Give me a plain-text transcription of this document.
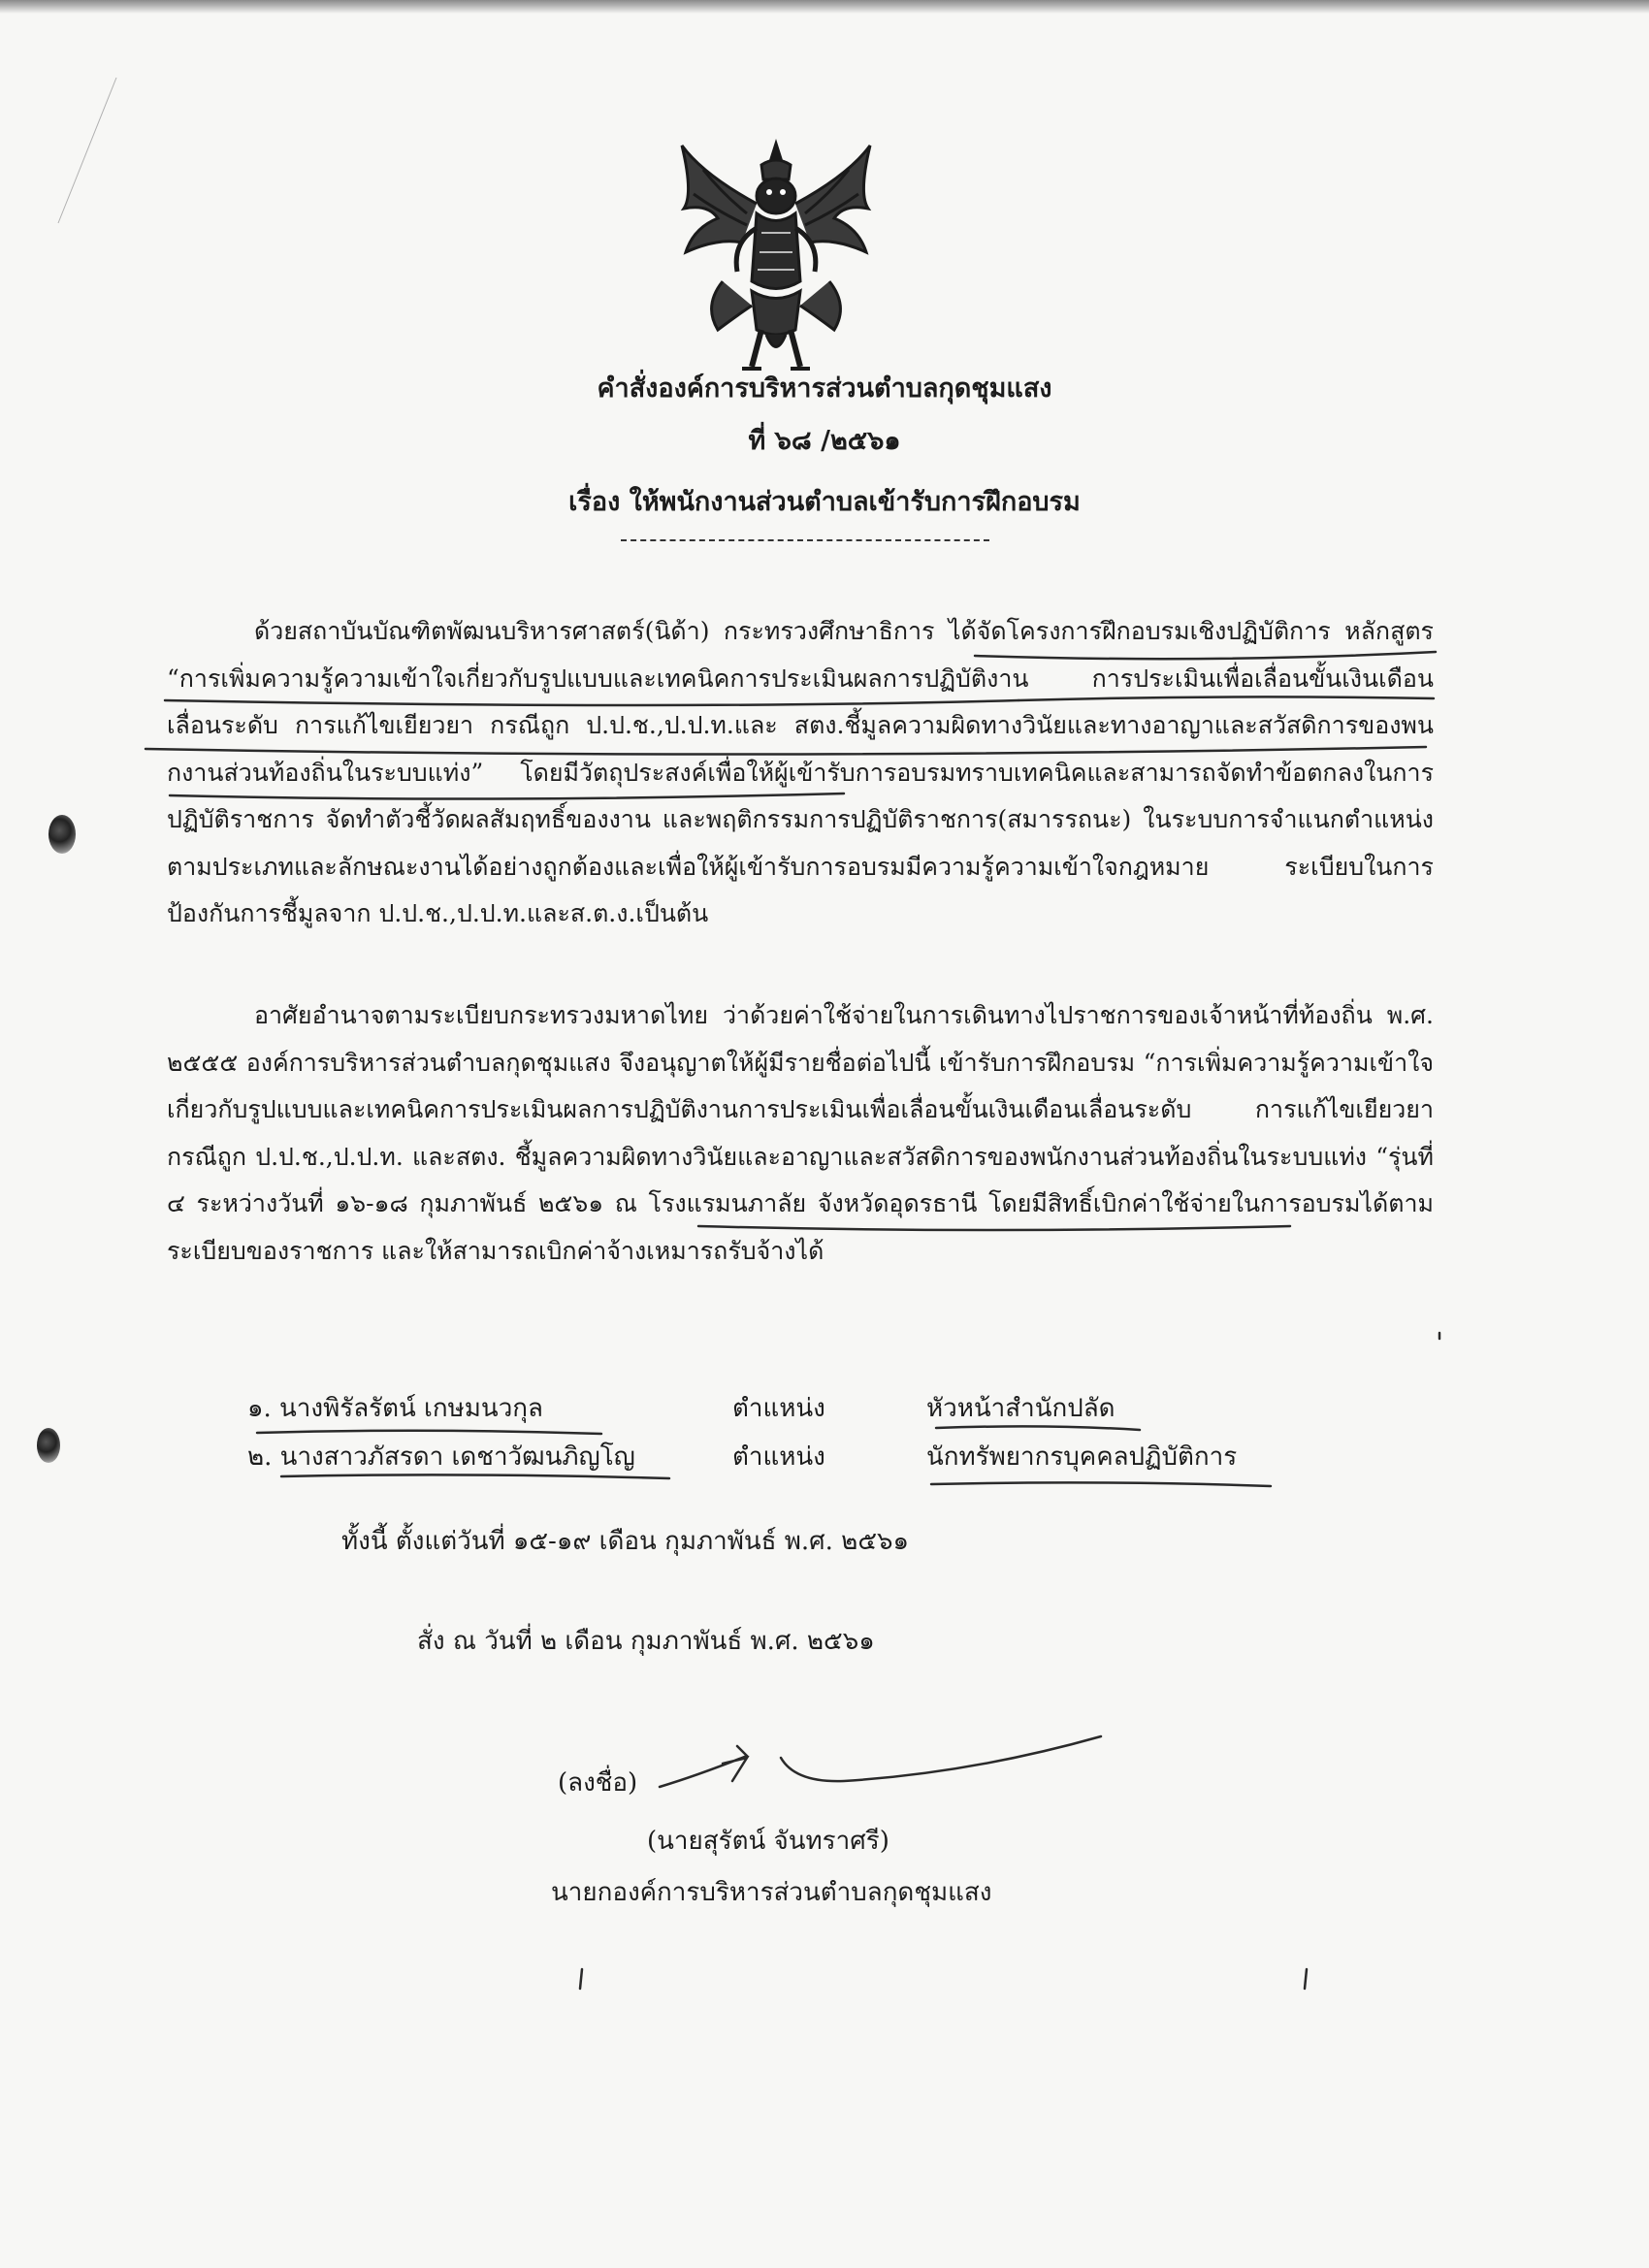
คำสั่งองค์การบริหารส่วนตำบลกุดชุมแสง
ที่ ๖๘ /๒๕๖๑
เรื่อง ให้พนักงานส่วนตำบลเข้ารับการฝึกอบรม
ด้วยสถาบันบัณฑิตพัฒนบริหารศาสตร์(นิด้า) กระทรวงศึกษาธิการ ได้จัดโครงการฝึกอบรมเชิงปฏิบัติการ หลักสูตร “การเพิ่มความรู้ความเข้าใจเกี่ยวกับรูปแบบและเทคนิคการประเมินผลการปฏิบัติงาน การประเมินเพื่อเลื่อนขั้นเงินเดือน เลื่อนระดับ การแก้ไขเยียวยา กรณีถูก ป.ป.ช.,ป.ป.ท.และ สตง.ชี้มูลความผิดทางวินัยและทางอาญาและสวัสดิการของพนกงานส่วนท้องถิ่นในระบบแท่ง” โดยมีวัตถุประสงค์เพื่อให้ผู้เข้ารับการอบรมทราบเทคนิคและสามารถจัดทำข้อตกลงในการปฏิบัติราชการ จัดทำตัวชี้วัดผลสัมฤทธิ์ของงาน และพฤติกรรมการปฏิบัติราชการ(สมารรถนะ) ในระบบการจำแนกตำแหน่งตามประเภทและลักษณะงานได้อย่างถูกต้องและเพื่อให้ผู้เข้ารับการอบรมมีความรู้ความเข้าใจกฎหมาย ระเบียบในการป้องกันการชี้มูลจาก ป.ป.ช.,ป.ป.ท.และส.ต.ง.เป็นต้น
อาศัยอำนาจตามระเบียบกระทรวงมหาดไทย ว่าด้วยค่าใช้จ่ายในการเดินทางไปราชการของเจ้าหน้าที่ท้องถิ่น พ.ศ. ๒๕๕๕ องค์การบริหารส่วนตำบลกุดชุมแสง จึงอนุญาตให้ผู้มีรายชื่อต่อไปนี้ เข้ารับการฝึกอบรม “การเพิ่มความรู้ความเข้าใจเกี่ยวกับรูปแบบและเทคนิคการประเมินผลการปฏิบัติงานการประเมินเพื่อเลื่อนขั้นเงินเดือนเลื่อนระดับ การแก้ไขเยียวยา กรณีถูก ป.ป.ช.,ป.ป.ท. และสตง. ชี้มูลความผิดทางวินัยและอาญาและสวัสดิการของพนักงานส่วนท้องถิ่นในระบบแท่ง “รุ่นที่ ๔ ระหว่างวันที่ ๑๖-๑๘ กุมภาพันธ์ ๒๕๖๑ ณ โรงแรมนภาลัย จังหวัดอุดรธานี โดยมีสิทธิ์เบิกค่าใช้จ่ายในการอบรมได้ตามระเบียบของราชการ และให้สามารถเบิกค่าจ้างเหมารถรับจ้างได้
๑. นางพิรัลรัตน์ เกษมนวกุล	ตำแหน่ง	หัวหน้าสำนักปลัด
๒. นางสาวภัสรดา เดชาวัฒนภิญโญ	ตำแหน่ง	นักทรัพยากรบุคคลปฏิบัติการ
ทั้งนี้ ตั้งแต่วันที่ ๑๕-๑๙ เดือน กุมภาพันธ์ พ.ศ. ๒๕๖๑
สั่ง ณ วันที่ ๒ เดือน กุมภาพันธ์ พ.ศ. ๒๕๖๑
(ลงชื่อ)
(นายสุรัตน์ จันทราศรี)
นายกองค์การบริหารส่วนตำบลกุดชุมแสง
